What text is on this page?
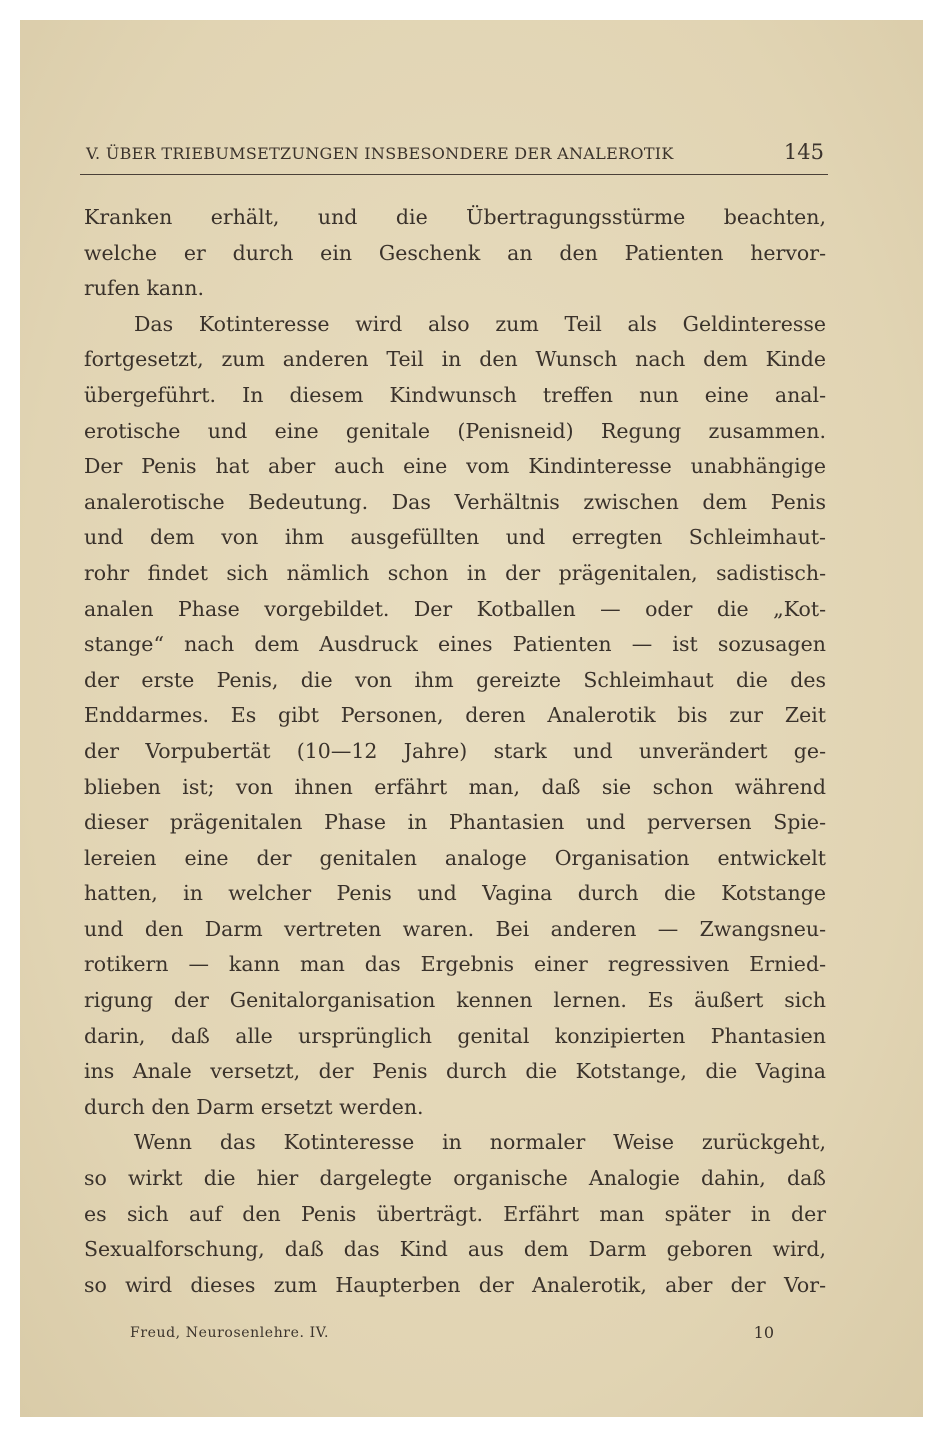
V. ÜBER TRIEBUMSETZUNGEN INSBESONDERE DER ANALEROTIK	145

Kranken erhält, und die Übertragungsstürme beachten,

welche er durch ein Geschenk an den Patienten hervor-

rufen kann.

Das Kotinteresse wird also zum Teil als Geldinteresse

fortgesetzt, zum anderen Teil in den Wunsch nach dem Kinde

übergeführt. In diesem Kindwunsch treffen nun eine anal-

erotische und eine genitale (Penisneid) Regung zusammen.

Der Penis hat aber auch eine vom Kindinteresse unabhängige

analerotische Bedeutung. Das Verhältnis zwischen dem Penis

und dem von ihm ausgefüllten und erregten Schleimhaut-

rohr findet sich nämlich schon in der prägenitalen, sadistisch-

analen Phase vorgebildet. Der Kotballen — oder die „Kot-

stange“ nach dem Ausdruck eines Patienten — ist sozusagen

der erste Penis, die von ihm gereizte Schleimhaut die des

Enddarmes. Es gibt Personen, deren Analerotik bis zur Zeit

der Vorpubertät (10—12 Jahre) stark und unverändert ge-

blieben ist; von ihnen erfährt man, daß sie schon während

dieser prägenitalen Phase in Phantasien und perversen Spie-

lereien eine der genitalen analoge Organisation entwickelt

hatten, in welcher Penis und Vagina durch die Kotstange

und den Darm vertreten waren. Bei anderen — Zwangsneu-

rotikern — kann man das Ergebnis einer regressiven Ernied-

rigung der Genitalorganisation kennen lernen. Es äußert sich

darin, daß alle ursprünglich genital konzipierten Phantasien

ins Anale versetzt, der Penis durch die Kotstange, die Vagina

durch den Darm ersetzt werden.

Wenn das Kotinteresse in normaler Weise zurückgeht,

so wirkt die hier dargelegte organische Analogie dahin, daß

es sich auf den Penis überträgt. Erfährt man später in der

Sexualforschung, daß das Kind aus dem Darm geboren wird,

so wird dieses zum Haupterben der Analerotik, aber der Vor-

Freud, Neurosenlehre. IV.	10
